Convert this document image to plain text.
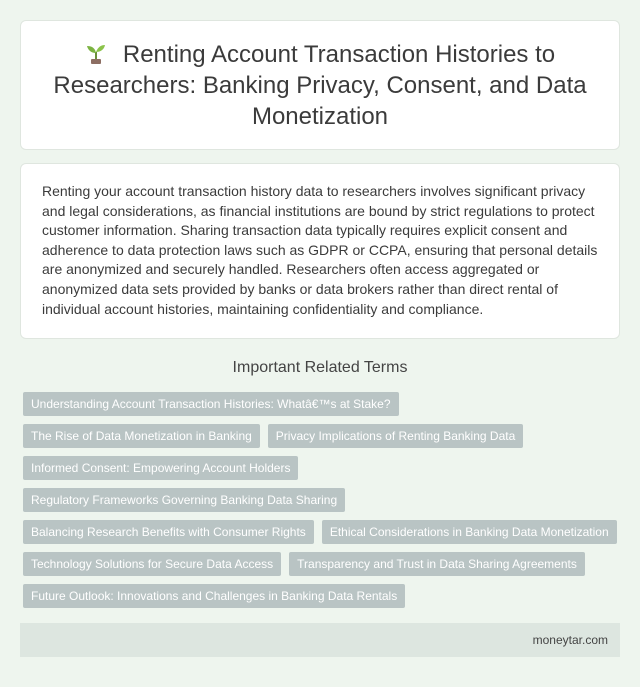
Renting Account Transaction Histories to Researchers: Banking Privacy, Consent, and Data Monetization

Renting your account transaction history data to researchers involves significant privacy and legal considerations, as financial institutions are bound by strict regulations to protect customer information. Sharing transaction data typically requires explicit consent and adherence to data protection laws such as GDPR or CCPA, ensuring that personal details are anonymized and securely handled. Researchers often access aggregated or anonymized data sets provided by banks or data brokers rather than direct rental of individual account histories, maintaining confidentiality and compliance.

Important Related Terms
Understanding Account Transaction Histories: Whatâ€™s at Stake?
The Rise of Data Monetization in Banking	Privacy Implications of Renting Banking Data
Informed Consent: Empowering Account Holders
Regulatory Frameworks Governing Banking Data Sharing
Balancing Research Benefits with Consumer Rights	Ethical Considerations in Banking Data Monetization
Technology Solutions for Secure Data Access	Transparency and Trust in Data Sharing Agreements
Future Outlook: Innovations and Challenges in Banking Data Rentals
moneytar.com
